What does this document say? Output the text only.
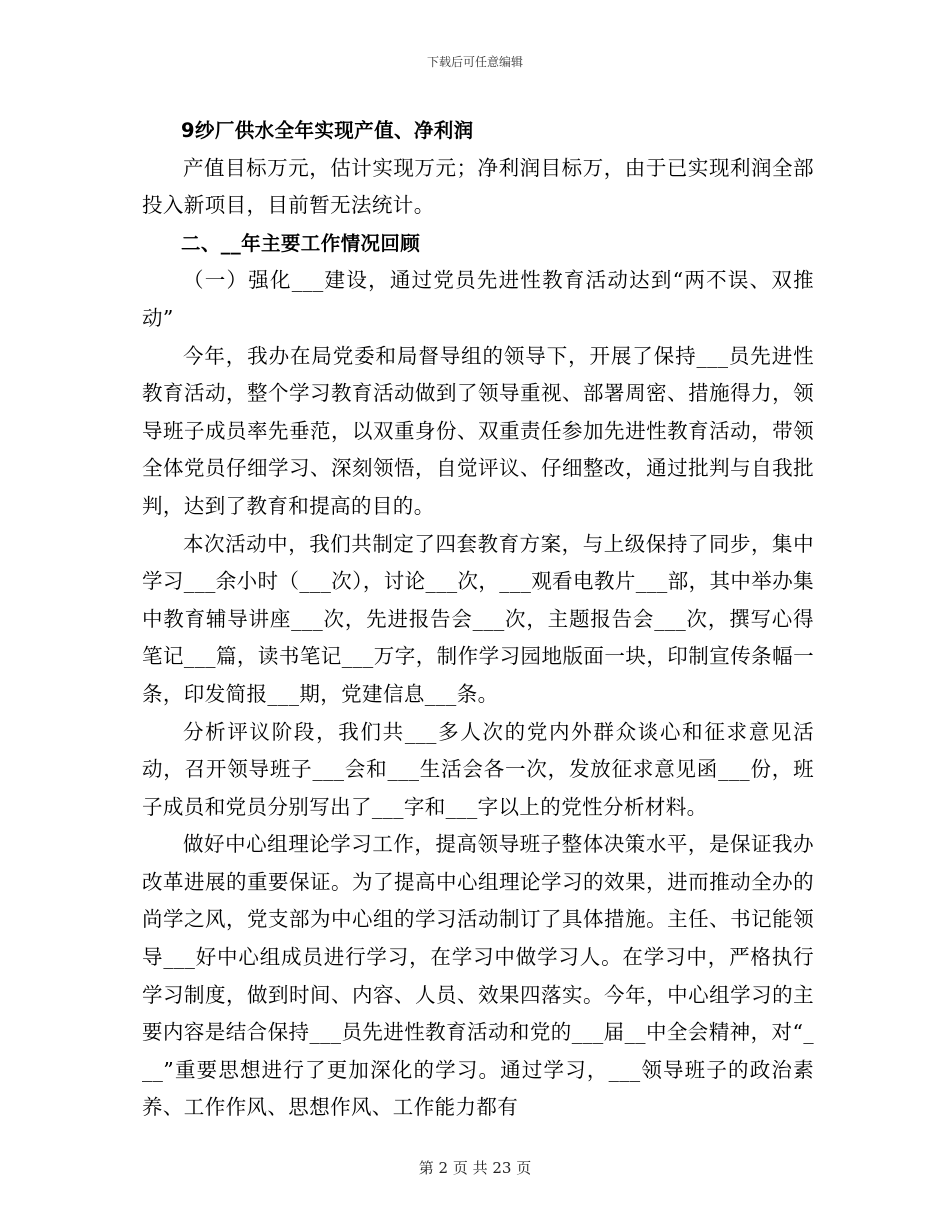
下载后可任意编辑

9纱厂供水全年实现产值、净利润

产值目标万元，估计实现万元；净利润目标万，由于已实现利润全部投入新项目，目前暂无法统计。

二、__年主要工作情况回顾

（一）强化___建设，通过党员先进性教育活动达到“两不误、双推动”

今年，我办在局党委和局督导组的领导下，开展了保持___员先进性教育活动，整个学习教育活动做到了领导重视、部署周密、措施得力，领导班子成员率先垂范，以双重身份、双重责任参加先进性教育活动，带领全体党员仔细学习、深刻领悟，自觉评议、仔细整改，通过批判与自我批判，达到了教育和提高的目的。

本次活动中，我们共制定了四套教育方案，与上级保持了同步，集中学习___余小时（___次），讨论___次，___观看电教片___部，其中举办集中教育辅导讲座___次，先进报告会___次，主题报告会___次，撰写心得笔记___篇，读书笔记___万字，制作学习园地版面一块，印制宣传条幅一条，印发简报___期，党建信息___条。

分析评议阶段，我们共___多人次的党内外群众谈心和征求意见活动，召开领导班子___会和___生活会各一次，发放征求意见函___份，班子成员和党员分别写出了___字和___字以上的党性分析材料。

做好中心组理论学习工作，提高领导班子整体决策水平，是保证我办改革进展的重要保证。为了提高中心组理论学习的效果，进而推动全办的尚学之风，党支部为中心组的学习活动制订了具体措施。主任、书记能领导___好中心组成员进行学习，在学习中做学习人。在学习中，严格执行学习制度，做到时间、内容、人员、效果四落实。今年，中心组学习的主要内容是结合保持___员先进性教育活动和党的___届__中全会精神，对“___”重要思想进行了更加深化的学习。通过学习，___领导班子的政治素养、工作作风、思想作风、工作能力都有

第 2 页 共 23 页
